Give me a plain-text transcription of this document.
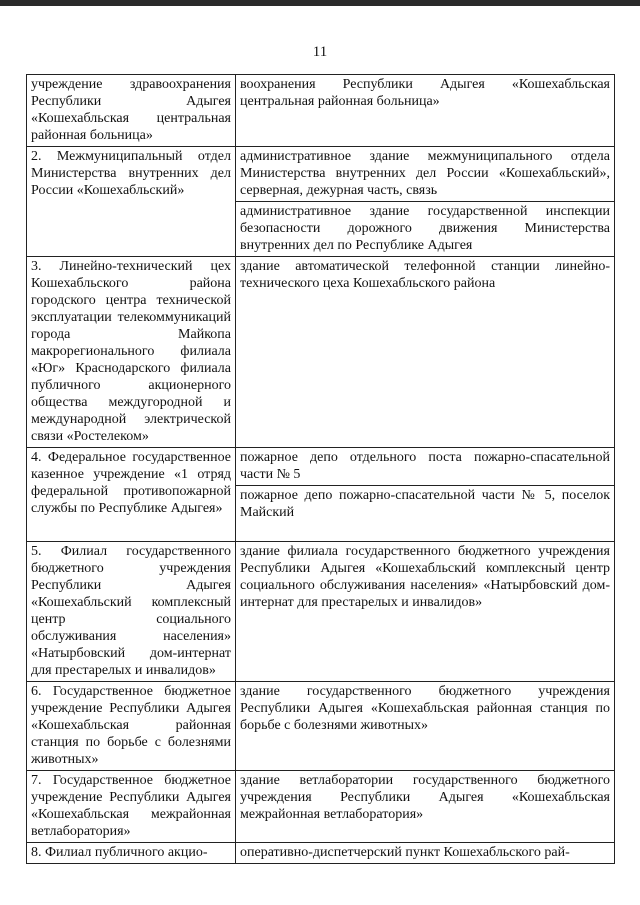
11
учреждение здравоохранения Республики Адыгея «Кошехабльская центральная районная больница»	воохранения Республики Адыгея «Кошехабльская центральная районная больница»
2. Межмуниципальный отдел Министерства внутренних дел России «Кошехабльский»	административное здание межмуниципального отдела Министерства внутренних дел России «Кошехабльский», серверная, дежурная часть, связь
	административное здание государственной инспекции безопасности дорожного движения Министерства внутренних дел по Республике Адыгея
3. Линейно-технический цех Кошехабльского района городского центра технической эксплуатации телекоммуникаций города Майкопа макрорегионального филиала «Юг» Краснодарского филиала публичного акционерного общества междугородной и международной электрической связи «Ростелеком»	здание автоматической телефонной станции линейно-технического цеха Кошехабльского района
4. Федеральное государственное казенное учреждение «1 отряд федеральной противопожарной службы по Республике Адыгея»	пожарное депо отдельного поста пожарно-спасательной части № 5
	пожарное депо пожарно-спасательной части № 5, поселок Майский
5. Филиал государственного бюджетного учреждения Республики Адыгея «Кошехабльский комплексный центр социального обслуживания населения» «Натырбовский дом-интернат для престарелых и инвалидов»	здание филиала государственного бюджетного учреждения Республики Адыгея «Кошехабльский комплексный центр социального обслуживания населения» «Натырбовский дом-интернат для престарелых и инвалидов»
6. Государственное бюджетное учреждение Республики Адыгея «Кошехабльская районная станция по борьбе с болезнями животных»	здание государственного бюджетного учреждения Республики Адыгея «Кошехабльская районная станция по борьбе с болезнями животных»
7. Государственное бюджетное учреждение Республики Адыгея «Кошехабльская межрайонная ветлаборатория»	здание ветлаборатории государственного бюджетного учреждения Республики Адыгея «Кошехабльская межрайонная ветлаборатория»
8. Филиал публичного акцио-	оперативно-диспетчерский пункт Кошехабльского рай-
